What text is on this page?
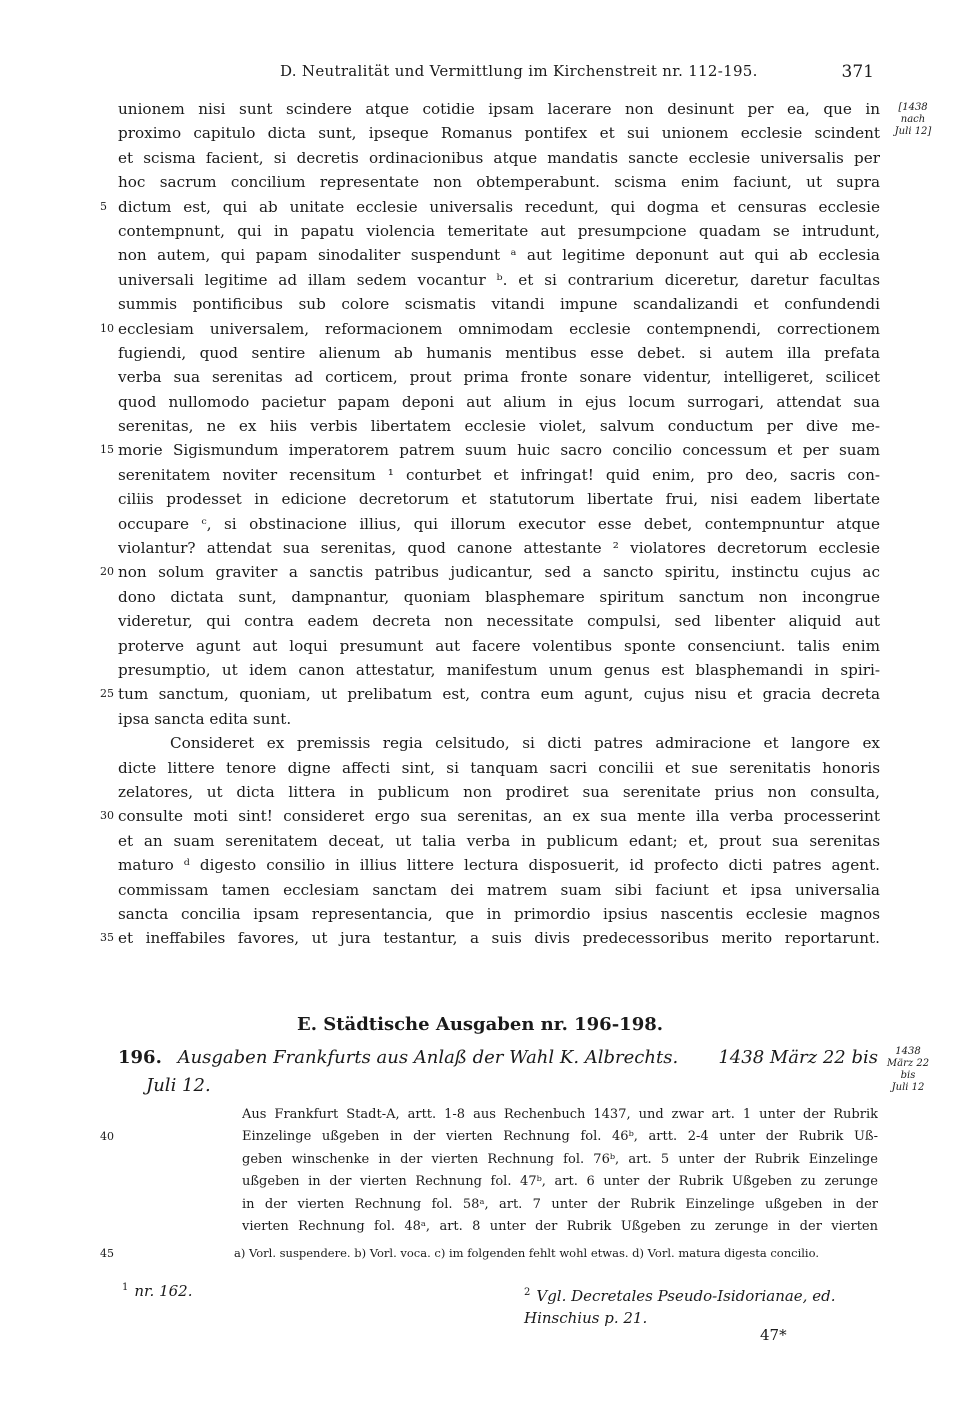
D. Neutralität und Vermittlung im Kirchenstreit nr. 112-195.	371
[1438
nach
Juli 12]
unionem nisi sunt scindere atque cotidie ipsam lacerare non desinunt per ea, que in
proximo capitulo dicta sunt, ipseque Romanus pontifex et sui unionem ecclesie scindent
et scisma facient, si decretis ordinacionibus atque mandatis sancte ecclesie universalis per
hoc sacrum concilium representate non obtemperabunt. scisma enim faciunt, ut supra
5 dictum est, qui ab unitate ecclesie universalis recedunt, qui dogma et censuras ecclesie
contempnunt, qui in papatu violencia temeritate aut presumpcione quadam se intrudunt,
non autem, qui papam sinodaliter suspendunt ᵃ aut legitime deponunt aut qui ab ecclesia
universali legitime ad illam sedem vocantur ᵇ. et si contrarium diceretur, daretur facultas
summis pontificibus sub colore scismatis vitandi impune scandalizandi et confundendi
10 ecclesiam universalem, reformacionem omnimodam ecclesie contempnendi, correctionem
fugiendi, quod sentire alienum ab humanis mentibus esse debet. si autem illa prefata
verba sua serenitas ad corticem, prout prima fronte sonare videntur, intelligeret, scilicet
quod nullomodo pacietur papam deponi aut alium in ejus locum surrogari, attendat sua
serenitas, ne ex hiis verbis libertatem ecclesie violet, salvum conductum per dive me-
15 morie Sigismundum imperatorem patrem suum huic sacro concilio concessum et per suam
serenitatem noviter recensitum ¹ conturbet et infringat! quid enim, pro deo, sacris con-
ciliis prodesset in edicione decretorum et statutorum libertate frui, nisi eadem libertate
occupare ᶜ, si obstinacione illius, qui illorum executor esse debet, contempnuntur atque
violantur? attendat sua serenitas, quod canone attestante ² violatores decretorum ecclesie
20 non solum graviter a sanctis patribus judicantur, sed a sancto spiritu, instinctu cujus ac
dono dictata sunt, dampnantur, quoniam blasphemare spiritum sanctum non incongrue
videretur, qui contra eadem decreta non necessitate compulsi, sed libenter aliquid aut
proterve agunt aut loqui presumunt aut facere volentibus sponte consenciunt. talis enim
presumptio, ut idem canon attestatur, manifestum unum genus est blasphemandi in spiri-
25 tum sanctum, quoniam, ut prelibatum est, contra eum agunt, cujus nisu et gracia decreta
ipsa sancta edita sunt.
Consideret ex premissis regia celsitudo, si dicti patres admiracione et langore ex
dicte littere tenore digne affecti sint, si tanquam sacri concilii et sue serenitatis honoris
zelatores, ut dicta littera in publicum non prodiret sua serenitate prius non consulta,
30 consulte moti sint! consideret ergo sua serenitas, an ex sua mente illa verba processerint
et an suam serenitatem deceat, ut talia verba in publicum edant; et, prout sua serenitas
maturo ᵈ digesto consilio in illius littere lectura disposuerit, id profecto dicti patres agent.
commissam tamen ecclesiam sanctam dei matrem suam sibi faciunt et ipsa universalia
sancta concilia ipsam representancia, que in primordio ipsius nascentis ecclesie magnos
35 et ineffabiles favores, ut jura testantur, a suis divis predecessoribus merito reportarunt.
E. Städtische Ausgaben nr. 196-198.
196. Ausgaben Frankfurts aus Anlaß der Wahl K. Albrechts. 1438 März 22 bis
Juli 12.
1438
März 22
bis
Juli 12
Aus Frankfurt Stadt-A, artt. 1-8 aus Rechenbuch 1437, und zwar art. 1 unter der Rubrik
Einzelinge ußgeben in der vierten Rechnung fol. 46ᵇ, artt. 2-4 unter der Rubrik Uß-
geben winschenke in der vierten Rechnung fol. 76ᵇ, art. 5 unter der Rubrik Einzelinge
ußgeben in der vierten Rechnung fol. 47ᵇ, art. 6 unter der Rubrik Ußgeben zu zerunge
in der vierten Rechnung fol. 58ᵃ, art. 7 unter der Rubrik Einzelinge ußgeben in der
vierten Rechnung fol. 48ᵃ, art. 8 unter der Rubrik Ußgeben zu zerunge in der vierten
45	a) Vorl. suspendere. b) Vorl. voca. c) im folgenden fehlt wohl etwas. d) Vorl. matura digesta concilio.
$^1$ nr. 162.	$^2$ Vgl. Decretales Pseudo-Isidorianae, ed. Hinschius p. 21.
47*
40
